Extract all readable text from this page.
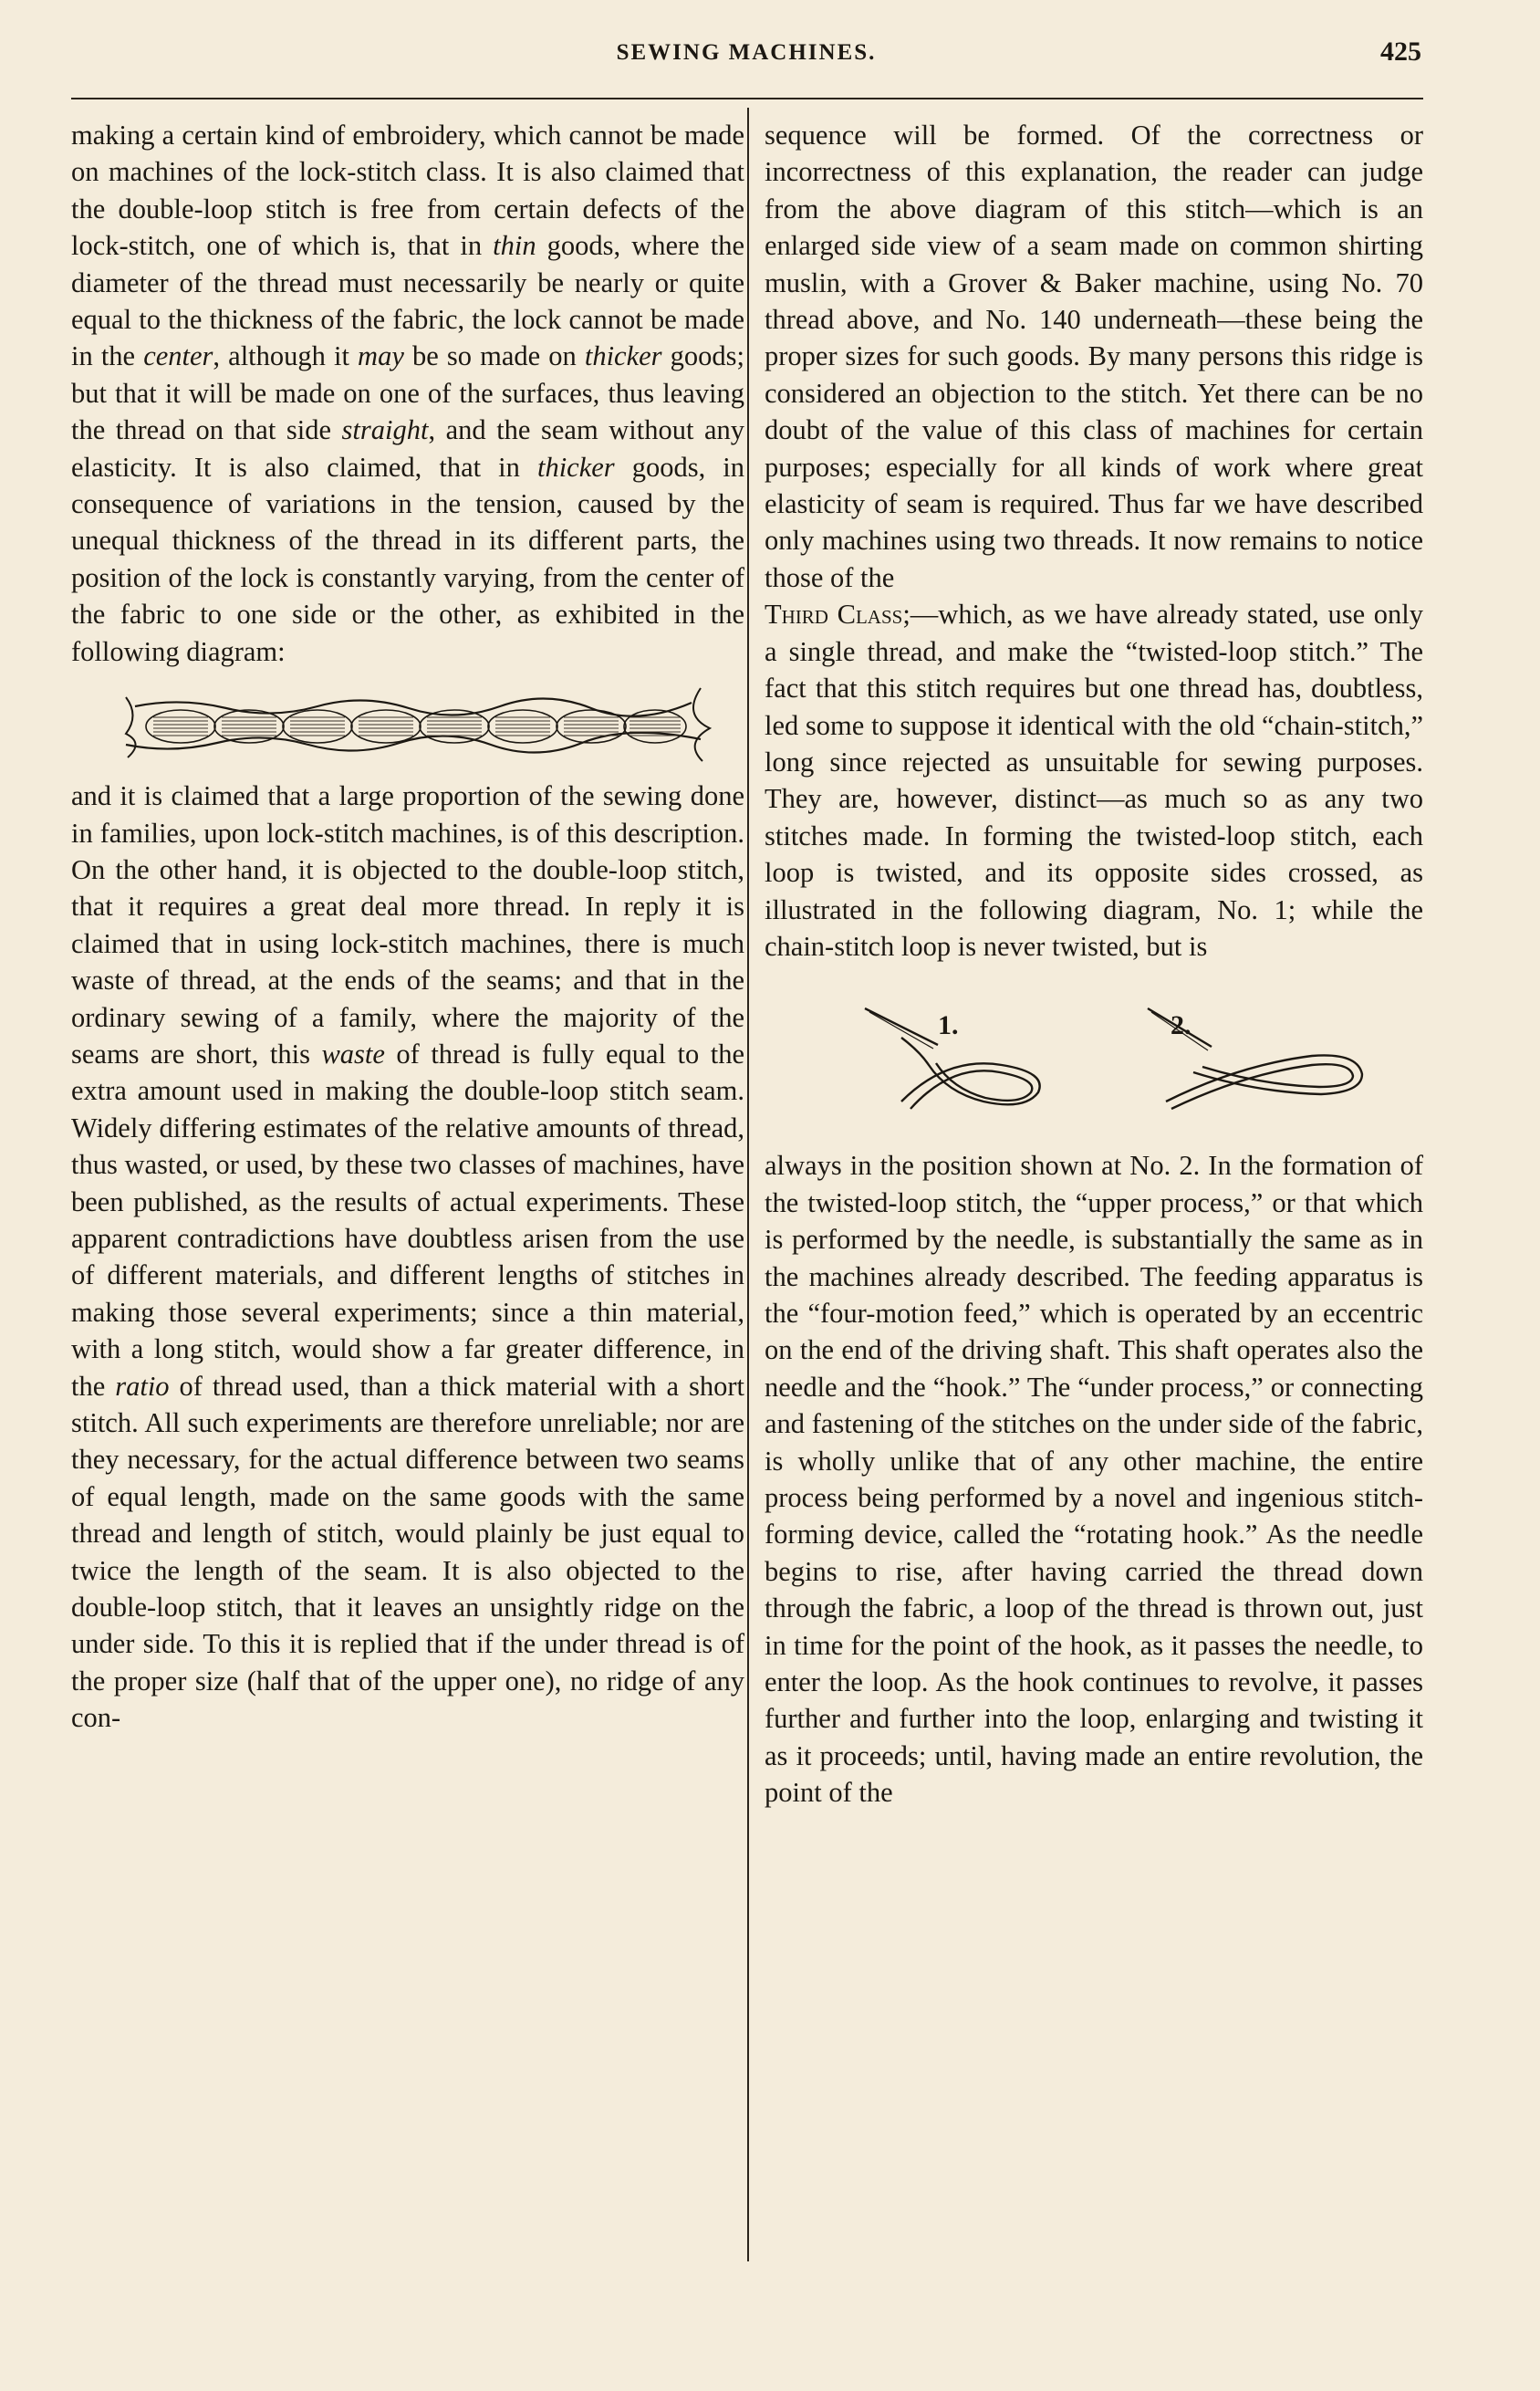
SEWING MACHINES.	425

making a certain kind of embroidery, which cannot be made on machines of the lock-stitch class. It is also claimed that the double-loop stitch is free from certain defects of the lock-stitch, one of which is, that in thin goods, where the diameter of the thread must necessarily be nearly or quite equal to the thickness of the fabric, the lock cannot be made in the center, although it may be so made on thicker goods; but that it will be made on one of the surfaces, thus leaving the thread on that side straight, and the seam without any elasticity. It is also claimed, that in thicker goods, in consequence of variations in the tension, caused by the unequal thickness of the thread in its different parts, the position of the lock is constantly varying, from the center of the fabric to one side or the other, as exhibited in the following diagram:

and it is claimed that a large proportion of the sewing done in families, upon lock-stitch machines, is of this description. On the other hand, it is objected to the double-loop stitch, that it requires a great deal more thread. In reply it is claimed that in using lock-stitch machines, there is much waste of thread, at the ends of the seams; and that in the ordinary sewing of a family, where the majority of the seams are short, this waste of thread is fully equal to the extra amount used in making the double-loop stitch seam. Widely differing estimates of the relative amounts of thread, thus wasted, or used, by these two classes of machines, have been published, as the results of actual experiments. These apparent contradictions have doubtless arisen from the use of different materials, and different lengths of stitches in making those several experiments; since a thin material, with a long stitch, would show a far greater difference, in the ratio of thread used, than a thick material with a short stitch. All such experiments are therefore unreliable; nor are they necessary, for the actual difference between two seams of equal length, made on the same goods with the same thread and length of stitch, would plainly be just equal to twice the length of the seam. It is also objected to the double-loop stitch, that it leaves an unsightly ridge on the under side. To this it is replied that if the under thread is of the proper size (half that of the upper one), no ridge of any con-

sequence will be formed. Of the correctness or incorrectness of this explanation, the reader can judge from the above diagram of this stitch—which is an enlarged side view of a seam made on common shirting muslin, with a Grover & Baker machine, using No. 70 thread above, and No. 140 underneath—these being the proper sizes for such goods. By many persons this ridge is considered an objection to the stitch. Yet there can be no doubt of the value of this class of machines for certain purposes; especially for all kinds of work where great elasticity of seam is required. Thus far we have described only machines using two threads. It now remains to notice those of the

Third Class;—which, as we have already stated, use only a single thread, and make the “twisted-loop stitch.” The fact that this stitch requires but one thread has, doubtless, led some to suppose it identical with the old “chain-stitch,” long since rejected as unsuitable for sewing purposes. They are, however, distinct—as much so as any two stitches made. In forming the twisted-loop stitch, each loop is twisted, and its opposite sides crossed, as illustrated in the following diagram, No. 1; while the chain-stitch loop is never twisted, but is

1.	2.

always in the position shown at No. 2. In the formation of the twisted-loop stitch, the “upper process,” or that which is performed by the needle, is substantially the same as in the machines already described. The feeding apparatus is the “four-motion feed,” which is operated by an eccentric on the end of the driving shaft. This shaft operates also the needle and the “hook.” The “under process,” or connecting and fastening of the stitches on the under side of the fabric, is wholly unlike that of any other machine, the entire process being performed by a novel and ingenious stitch-forming device, called the “rotating hook.” As the needle begins to rise, after having carried the thread down through the fabric, a loop of the thread is thrown out, just in time for the point of the hook, as it passes the needle, to enter the loop. As the hook continues to revolve, it passes further and further into the loop, enlarging and twisting it as it proceeds; until, having made an entire revolution, the point of the
